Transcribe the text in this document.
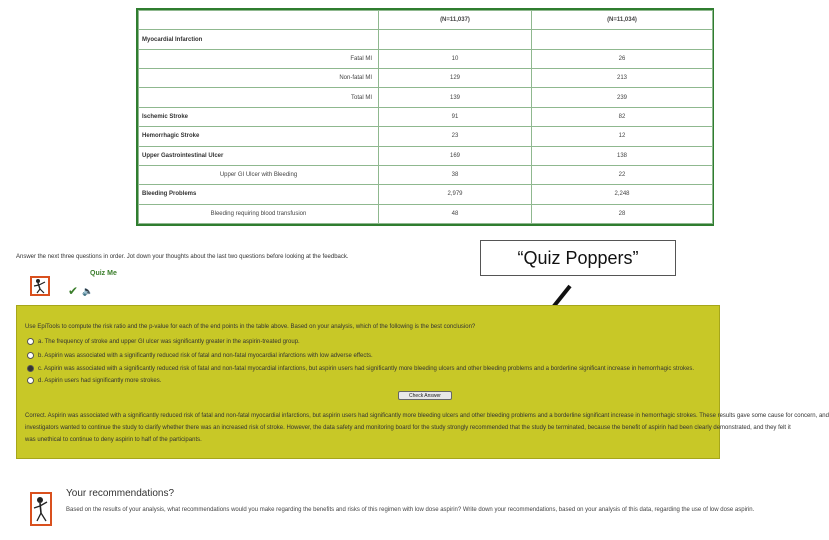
	(N=11,037)	(N=11,034)
Myocardial Infarction		
Fatal MI	10	26
Non-fatal MI	129	213
Total MI	139	239
Ischemic Stroke	91	82
Hemorrhagic Stroke	23	12
Upper Gastrointestinal Ulcer	169	138
Upper GI Ulcer with Bleeding	38	22
Bleeding Problems	2,979	2,248
Bleeding requiring blood transfusion	48	28
Answer the next three questions in order. Jot down your thoughts about the last two questions before looking at the feedback.	“Quiz Poppers”
Quiz Me
✔ 🔈
Use EpiTools to compute the risk ratio and the p-value for each of the end points in the table above. Based on your analysis, which of the following is the best conclusion?
a. The frequency of stroke and upper GI ulcer was significantly greater in the aspirin-treated group.
b. Aspirin was associated with a significantly reduced risk of fatal and non-fatal myocardial infarctions with low adverse effects.
c. Aspirin was associated with a significantly reduced risk of fatal and non-fatal myocardial infarctions, but aspirin users had significantly more bleeding ulcers and other bleeding problems and a borderline significant increase in hemorrhagic strokes.
d. Aspirin users had significantly more strokes.
Check Answer
Correct. Aspirin was associated with a significantly reduced risk of fatal and non-fatal myocardial infarctions, but aspirin users had significantly more bleeding ulcers and other bleeding problems and a borderline significant increase in hemorrhagic strokes. These results gave some cause for concern, and
investigators wanted to continue the study to clarify whether there was an increased risk of stroke. However, the data safety and monitoring board for the study strongly recommended that the study be terminated, because the benefit of aspirin had been clearly demonstrated, and they felt it
was unethical to continue to deny aspirin to half of the participants.
Your recommendations?
Based on the results of your analysis, what recommendations would you make regarding the benefits and risks of this regimen with low dose aspirin? Write down your recommendations, based on your analysis of this data, regarding the use of low dose aspirin.
